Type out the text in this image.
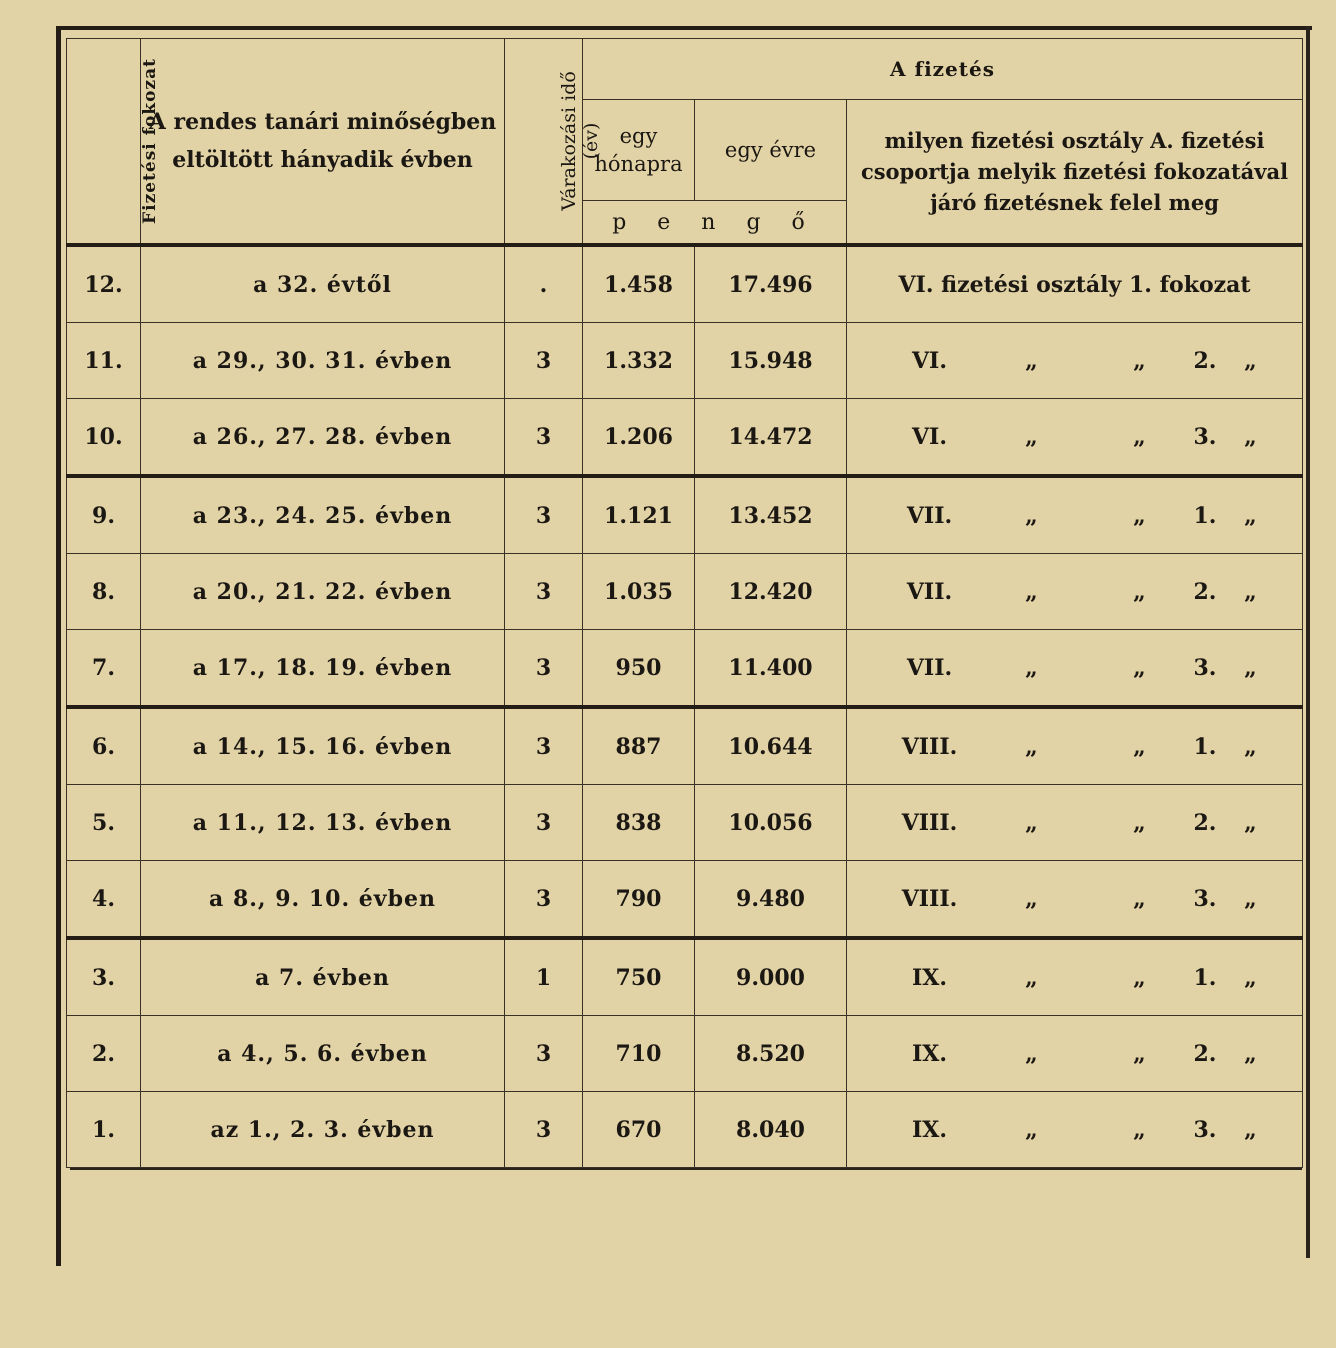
Fizetési fokozat	A rendes tanári minőségben eltöltött hányadik évben	Várakozási idő (év)	A fizetés		
			egy hónapra	egy évre	milyen fizetési osztály A. fizetési csoportja melyik fizetési fokozatával járó fizetésnek felel meg
			p e n g ő		
12.	a 32. évtől	.	1.458	17.496	VI. fizetési osztály 1. fokozat
11.	a 29., 30. 31. évben	3	1.332	15.948	VI. „ „ 2. „
10.	a 26., 27. 28. évben	3	1.206	14.472	VI. „ „ 3. „
9.	a 23., 24. 25. évben	3	1.121	13.452	VII. „ „ 1. „
8.	a 20., 21. 22. évben	3	1.035	12.420	VII. „ „ 2. „
7.	a 17., 18. 19. évben	3	950	11.400	VII. „ „ 3. „
6.	a 14., 15. 16. évben	3	887	10.644	VIII. „ „ 1. „
5.	a 11., 12. 13. évben	3	838	10.056	VIII. „ „ 2. „
4.	a 8., 9. 10. évben	3	790	9.480	VIII. „ „ 3. „
3.	a 7. évben	1	750	9.000	IX. „ „ 1. „
2.	a 4., 5. 6. évben	3	710	8.520	IX. „ „ 2. „
1.	az 1., 2. 3. évben	3	670	8.040	IX. „ „ 3. „
